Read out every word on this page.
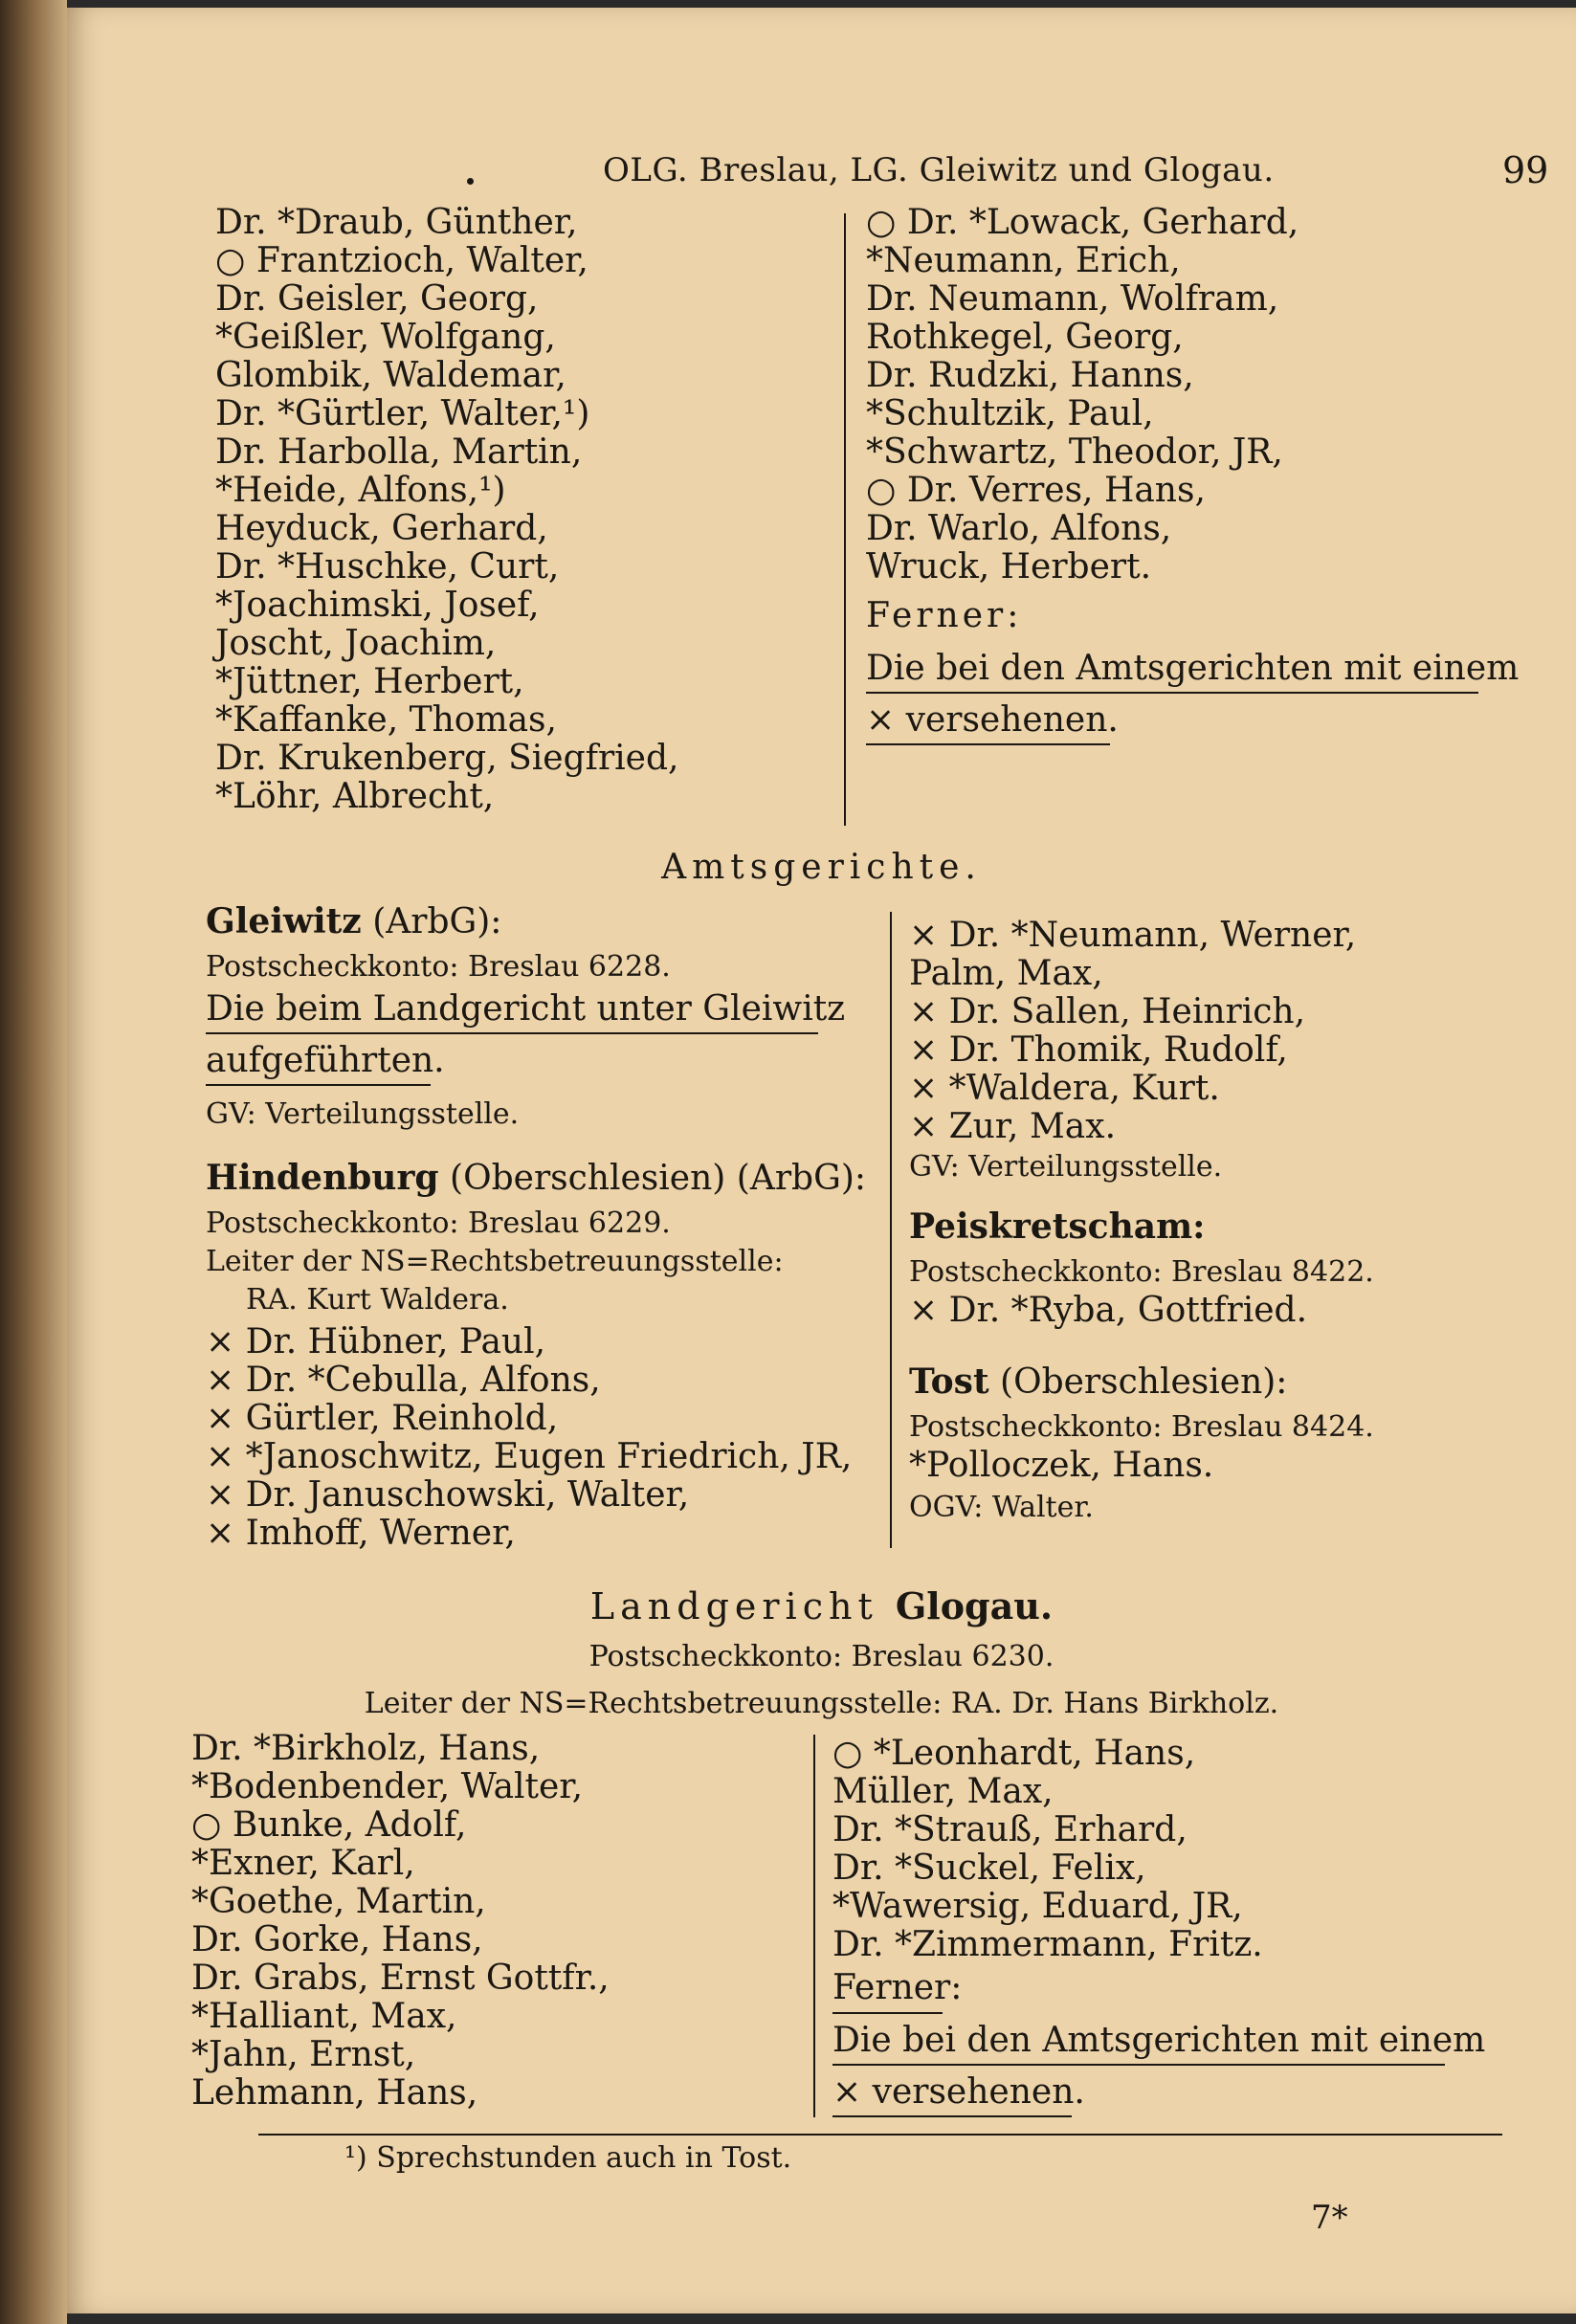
OLG. Breslau, LG. Gleiwitz und Glogau.	99
Dr. *Draub, Günther,
○ Frantzioch, Walter,
Dr. Geisler, Georg,
*Geißler, Wolfgang,
Glombik, Waldemar,
Dr. *Gürtler, Walter,¹)
Dr. Harbolla, Martin,
*Heide, Alfons,¹)
Heyduck, Gerhard,
Dr. *Huschke, Curt,
*Joachimski, Josef,
Joscht, Joachim,
*Jüttner, Herbert,
*Kaffanke, Thomas,
Dr. Krukenberg, Siegfried,
*Löhr, Albrecht,
○ Dr. *Lowack, Gerhard,
*Neumann, Erich,
Dr. Neumann, Wolfram,
Rothkegel, Georg,
Dr. Rudzki, Hanns,
*Schultzik, Paul,
*Schwartz, Theodor, JR,
○ Dr. Verres, Hans,
Dr. Warlo, Alfons,
Wruck, Herbert.
Ferner:
Die bei den Amtsgerichten mit einem
× versehenen.
Amtsgerichte.
Gleiwitz (ArbG):
Postscheckkonto: Breslau 6228.
Die beim Landgericht unter Gleiwitz
aufgeführten.
GV: Verteilungsstelle.
Hindenburg (Oberschlesien) (ArbG):
Postscheckkonto: Breslau 6229.
Leiter der NS=Rechtsbetreuungsstelle:
RA. Kurt Waldera.
× Dr. Hübner, Paul,
× Dr. *Cebulla, Alfons,
× Gürtler, Reinhold,
× *Janoschwitz, Eugen Friedrich, JR,
× Dr. Januschowski, Walter,
× Imhoff, Werner,
× Dr. *Neumann, Werner,
Palm, Max,
× Dr. Sallen, Heinrich,
× Dr. Thomik, Rudolf,
× *Waldera, Kurt.
× Zur, Max.
GV: Verteilungsstelle.
Peiskretscham:
Postscheckkonto: Breslau 8422.
× Dr. *Ryba, Gottfried.
Tost (Oberschlesien):
Postscheckkonto: Breslau 8424.
*Polloczek, Hans.
OGV: Walter.
Landgericht Glogau.
Postscheckkonto: Breslau 6230.
Leiter der NS=Rechtsbetreuungsstelle: RA. Dr. Hans Birkholz.
Dr. *Birkholz, Hans,
*Bodenbender, Walter,
○ Bunke, Adolf,
*Exner, Karl,
*Goethe, Martin,
Dr. Gorke, Hans,
Dr. Grabs, Ernst Gottfr.,
*Halliant, Max,
*Jahn, Ernst,
Lehmann, Hans,
○ *Leonhardt, Hans,
Müller, Max,
Dr. *Strauß, Erhard,
Dr. *Suckel, Felix,
*Wawersig, Eduard, JR,
Dr. *Zimmermann, Fritz.
Ferner:
Die bei den Amtsgerichten mit einem
× versehenen.
¹) Sprechstunden auch in Tost.
7*
